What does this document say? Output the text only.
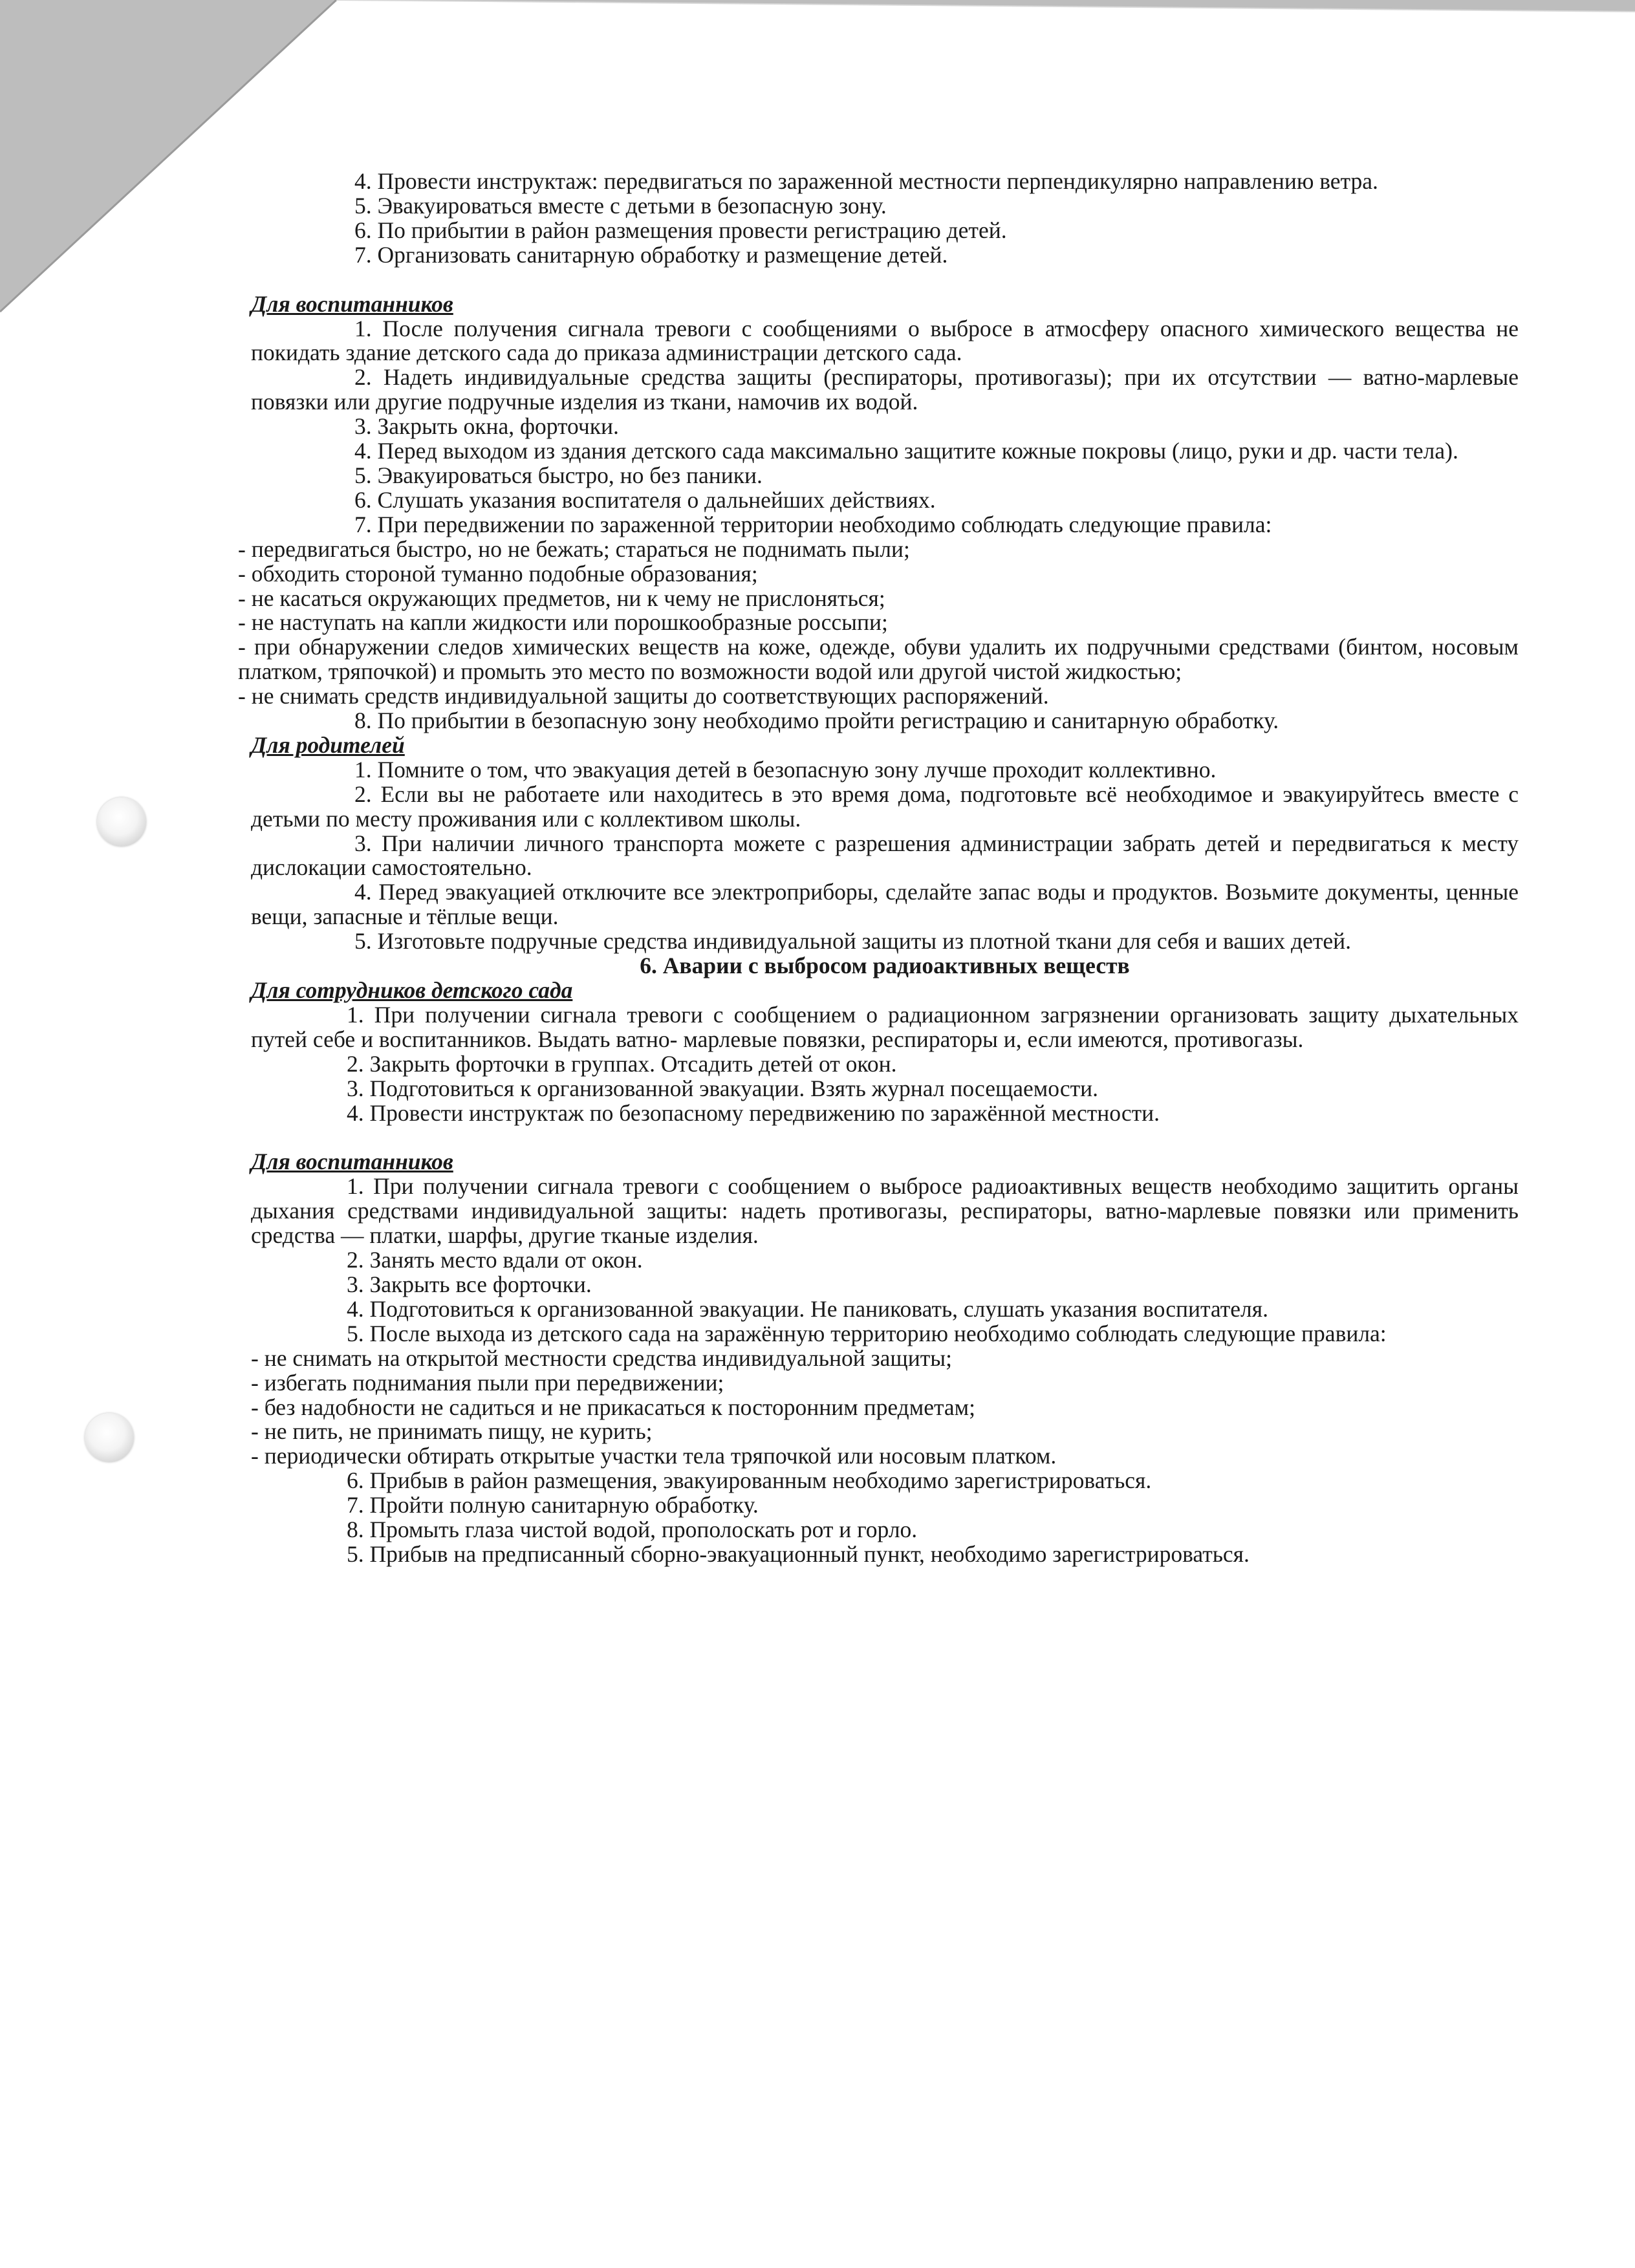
4. Провести инструктаж: передвигаться по зараженной местности перпендикулярно направлению ветра.

5. Эвакуироваться вместе с детьми в безопасную зону.

6. По прибытии в район размещения провести регистрацию детей.

7. Организовать санитарную обработку и размещение детей.

Для воспитанников

1. После получения сигнала тревоги с сообщениями о выбросе в атмосферу опасного химического вещества не покидать здание детского сада до приказа администрации детского сада.

2. Надеть индивидуальные средства защиты (респираторы, противогазы); при их отсутствии — ватно-марлевые повязки или другие подручные изделия из ткани, намочив их водой.

3. Закрыть окна, форточки.

4. Перед выходом из здания детского сада максимально защитите кожные покровы (лицо, руки и др. части тела).

5. Эвакуироваться быстро, но без паники.

6. Слушать указания воспитателя о дальнейших действиях.

7. При передвижении по зараженной территории необходимо соблюдать следующие правила:

- передвигаться быстро, но не бежать; стараться не поднимать пыли;

- обходить стороной туманно подобные образования;

- не касаться окружающих предметов, ни к чему не прислоняться;

- не наступать на капли жидкости или порошкообразные россыпи;

- при обнаружении следов химических веществ на коже, одежде, обуви удалить их подручными средствами (бинтом, носовым платком, тряпочкой) и промыть это место по возможности водой или другой чистой жидкостью;

- не снимать средств индивидуальной защиты до соответствующих распоряжений.

8. По прибытии в безопасную зону необходимо пройти регистрацию и санитарную обработку.

Для родителей

1. Помните о том, что эвакуация детей в безопасную зону лучше проходит коллективно.

2. Если вы не работаете или находитесь в это время дома, подготовьте всё необходимое и эвакуируйтесь вместе с детьми по месту проживания или с коллективом школы.

3. При наличии личного транспорта можете с разрешения администрации забрать детей и передвигаться к месту дислокации самостоятельно.

4. Перед эвакуацией отключите все электроприборы, сделайте запас воды и продуктов. Возьмите документы, ценные вещи, запасные и тёплые вещи.

5. Изготовьте подручные средства индивидуальной защиты из плотной ткани для себя и ваших детей.

6. Аварии с выбросом радиоактивных веществ

Для сотрудников детского сада

1. При получении сигнала тревоги с сообщением о радиационном загрязнении организовать защиту дыхательных путей себе и воспитанников. Выдать ватно- марлевые повязки, респираторы и, если имеются, противогазы.

2. Закрыть форточки в группах. Отсадить детей от окон.

3. Подготовиться к организованной эвакуации. Взять журнал посещаемости.

4. Провести инструктаж по безопасному передвижению по заражённой местности.

Для воспитанников

1. При получении сигнала тревоги с сообщением о выбросе радиоактивных веществ необходимо защитить органы дыхания средствами индивидуальной защиты: надеть противогазы, респираторы, ватно-марлевые повязки или применить средства — платки, шарфы, другие тканые изделия.

2. Занять место вдали от окон.

3. Закрыть все форточки.

4. Подготовиться к организованной эвакуации. Не паниковать, слушать указания воспитателя.

5. После выхода из детского сада на заражённую территорию необходимо соблюдать следующие правила:

- не снимать на открытой местности средства индивидуальной защиты;

- избегать поднимания пыли при передвижении;

- без надобности не садиться и не прикасаться к посторонним предметам;

- не пить, не принимать пищу, не курить;

- периодически обтирать открытые участки тела тряпочкой или носовым платком.

6. Прибыв в район размещения, эвакуированным необходимо зарегистрироваться.

7. Пройти полную санитарную обработку.

8. Промыть глаза чистой водой, прополоскать рот и горло.

5. Прибыв на предписанный сборно-эвакуационный пункт, необходимо зарегистрироваться.
